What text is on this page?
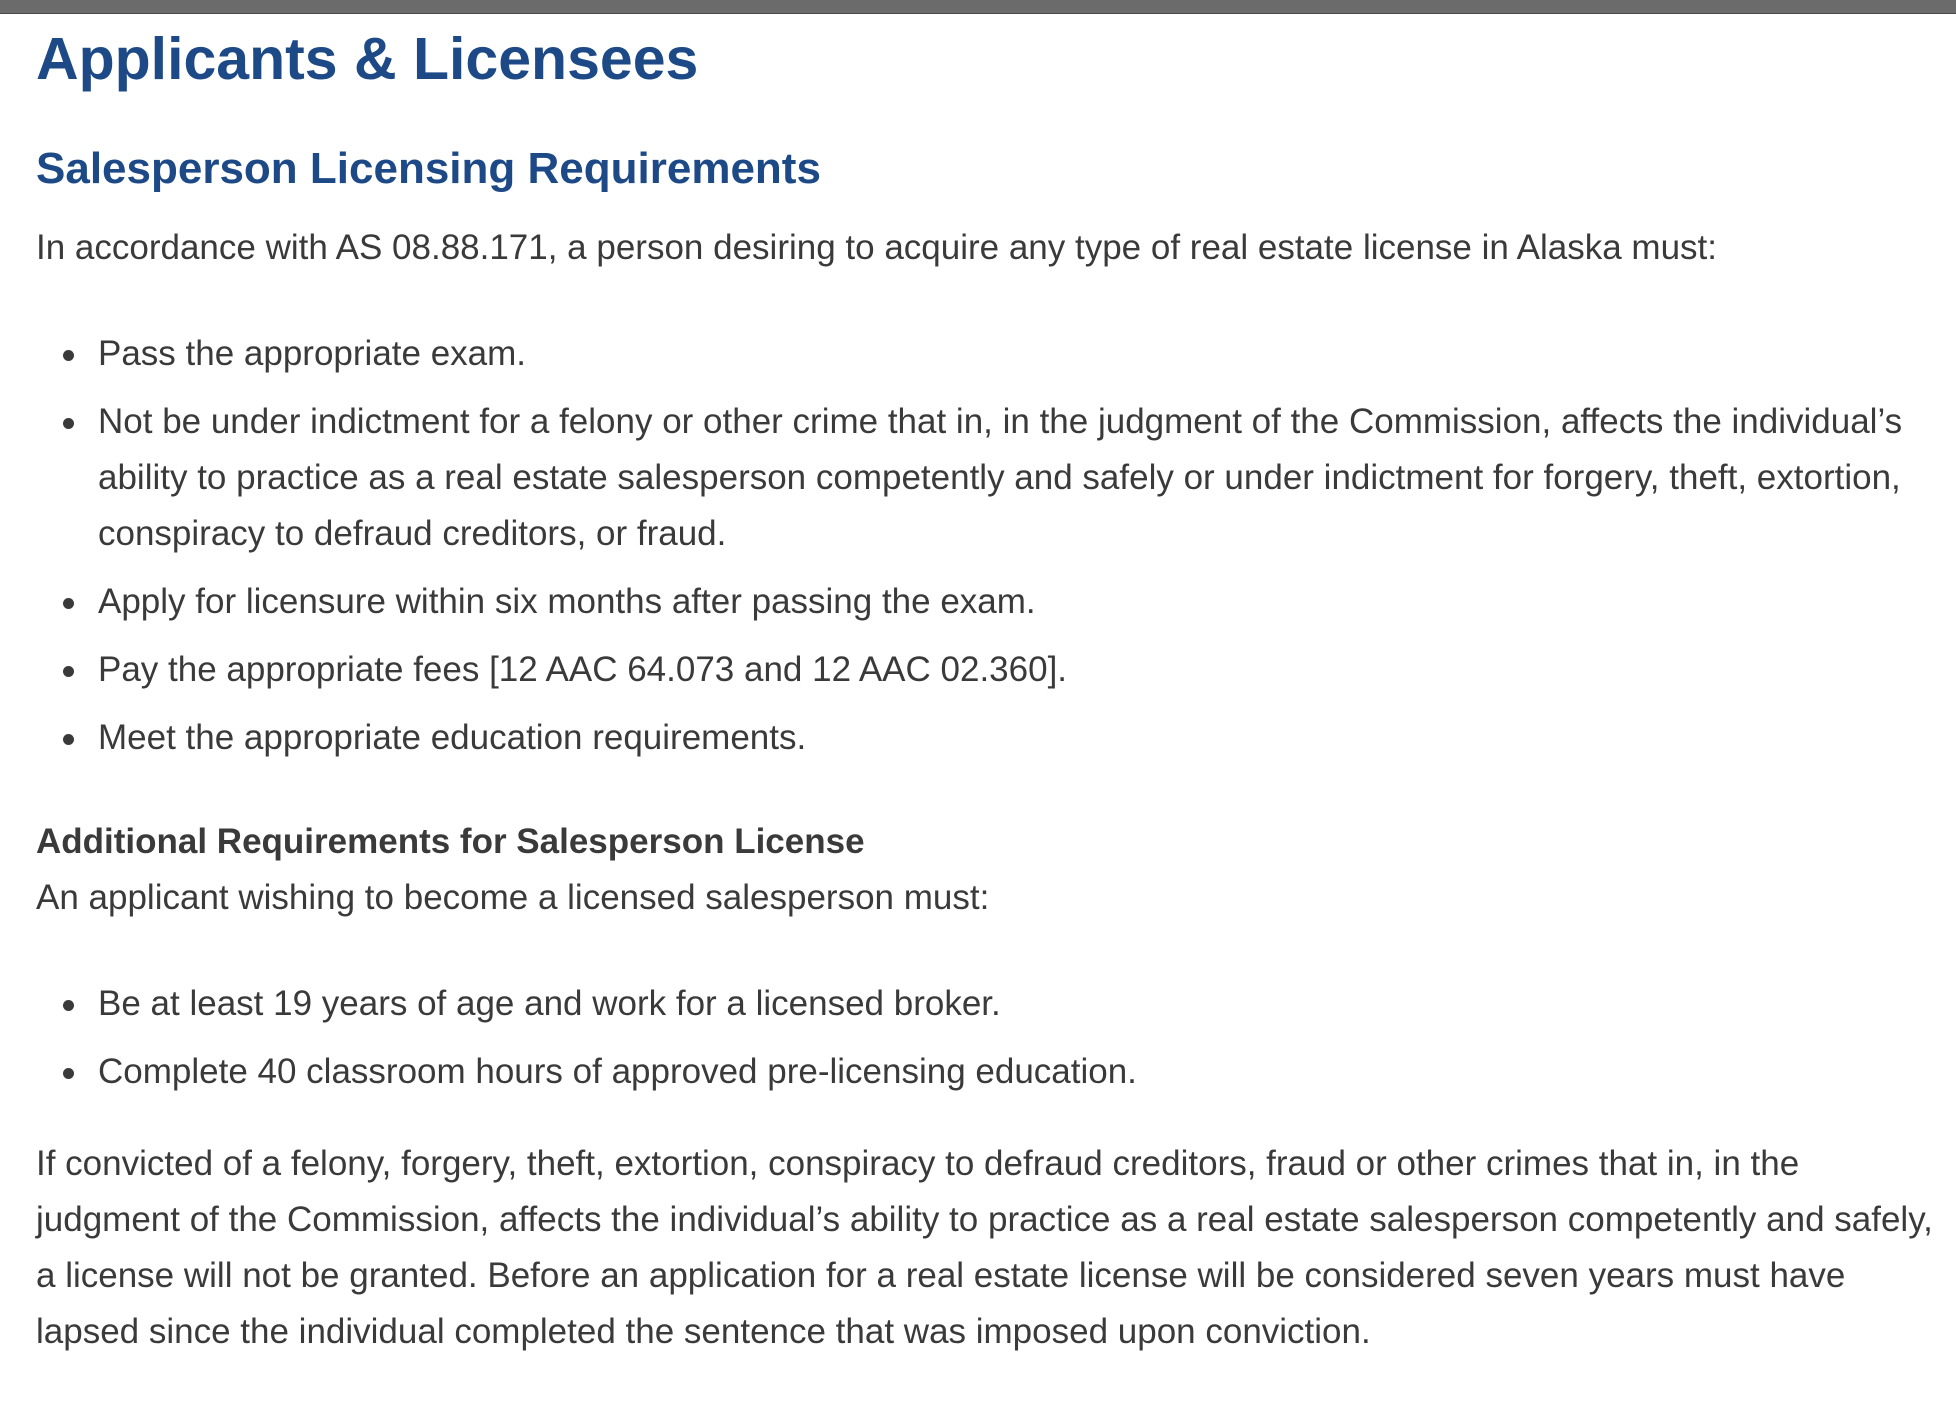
Applicants & Licensees
Salesperson Licensing Requirements

In accordance with AS 08.88.171, a person desiring to acquire any type of real estate license in Alaska must:

Pass the appropriate exam.
Not be under indictment for a felony or other crime that in, in the judgment of the Commission, affects the individual’s ability to practice as a real estate salesperson competently and safely or under indictment for forgery, theft, extortion, conspiracy to defraud creditors, or fraud.
Apply for licensure within six months after passing the exam.
Pay the appropriate fees [12 AAC 64.073 and 12 AAC 02.360].
Meet the appropriate education requirements.
Additional Requirements for Salesperson License

An applicant wishing to become a licensed salesperson must:

Be at least 19 years of age and work for a licensed broker.
Complete 40 classroom hours of approved pre-licensing education.

If convicted of a felony, forgery, theft, extortion, conspiracy to defraud creditors, fraud or other crimes that in, in the judgment of the Commission, affects the individual’s ability to practice as a real estate salesperson competently and safely, a license will not be granted. Before an application for a real estate license will be considered seven years must have lapsed since the individual completed the sentence that was imposed upon conviction.
